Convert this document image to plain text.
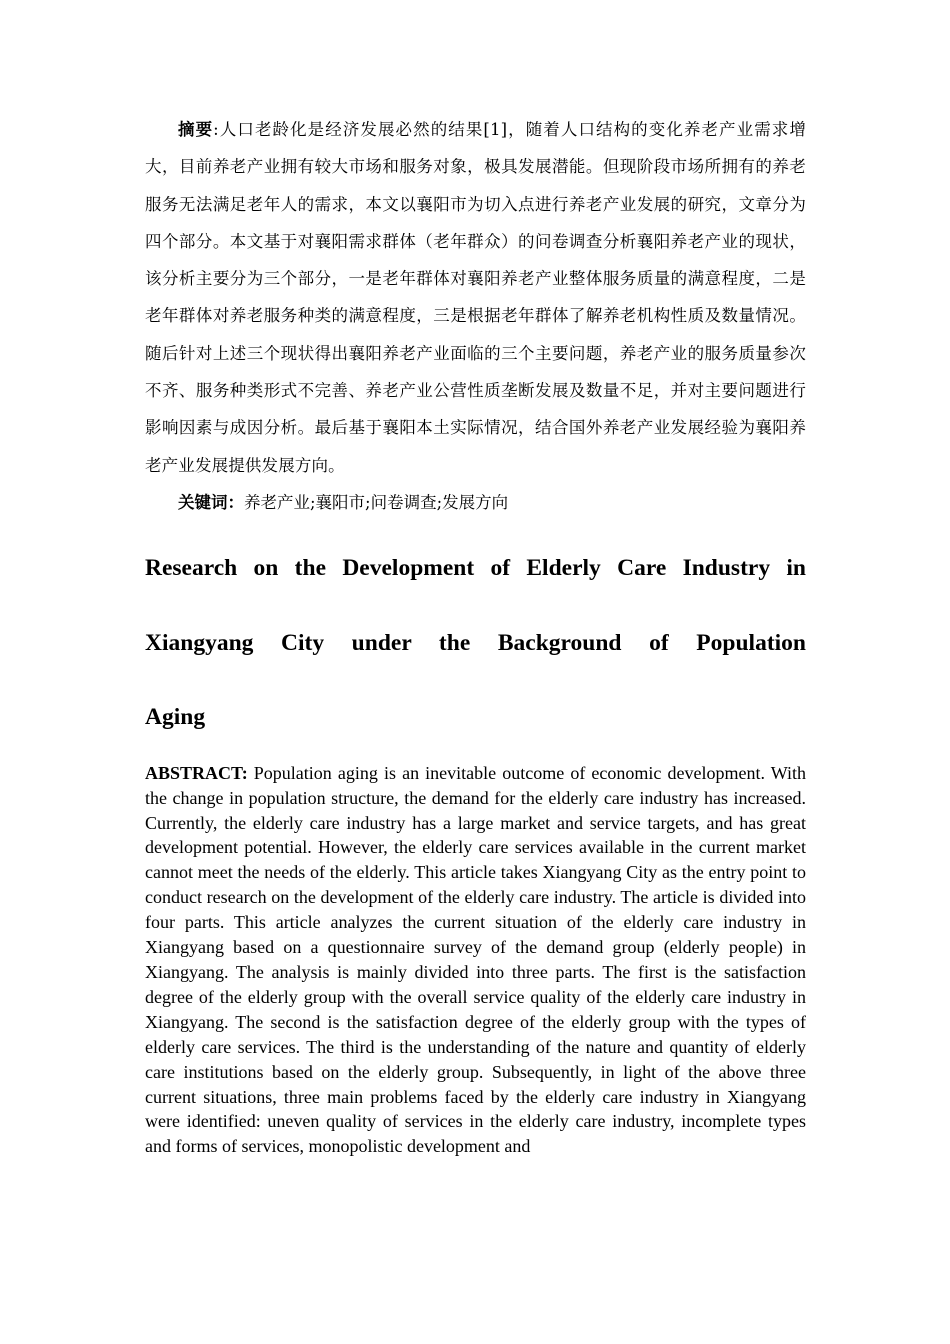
摘要:人口老龄化是经济发展必然的结果[1]，随着人口结构的变化养老产业需求增大，目前养老产业拥有较大市场和服务对象，极具发展潜能。但现阶段市场所拥有的养老服务无法满足老年人的需求，本文以襄阳市为切入点进行养老产业发展的研究，文章分为四个部分。本文基于对襄阳需求群体（老年群众）的问卷调查分析襄阳养老产业的现状，该分析主要分为三个部分，一是老年群体对襄阳养老产业整体服务质量的满意程度，二是老年群体对养老服务种类的满意程度，三是根据老年群体了解养老机构性质及数量情况。随后针对上述三个现状得出襄阳养老产业面临的三个主要问题，养老产业的服务质量参次不齐、服务种类形式不完善、养老产业公营性质垄断发展及数量不足，并对主要问题进行影响因素与成因分析。最后基于襄阳本土实际情况，结合国外养老产业发展经验为襄阳养老产业发展提供发展方向。

关键词：养老产业;襄阳市;问卷调查;发展方向

Research on the Development of Elderly Care Industry in Xiangyang City under the Background of Population Aging

ABSTRACT: Population aging is an inevitable outcome of economic development. With the change in population structure, the demand for the elderly care industry has increased. Currently, the elderly care industry has a large market and service targets, and has great development potential. However, the elderly care services available in the current market cannot meet the needs of the elderly. This article takes Xiangyang City as the entry point to conduct research on the development of the elderly care industry. The article is divided into four parts. This article analyzes the current situation of the elderly care industry in Xiangyang based on a questionnaire survey of the demand group (elderly people) in Xiangyang. The analysis is mainly divided into three parts. The first is the satisfaction degree of the elderly group with the overall service quality of the elderly care industry in Xiangyang. The second is the satisfaction degree of the elderly group with the types of elderly care services. The third is the understanding of the nature and quantity of elderly care institutions based on the elderly group. Subsequently, in light of the above three current situations, three main problems faced by the elderly care industry in Xiangyang were identified: uneven quality of services in the elderly care industry, incomplete types and forms of services, monopolistic development and
